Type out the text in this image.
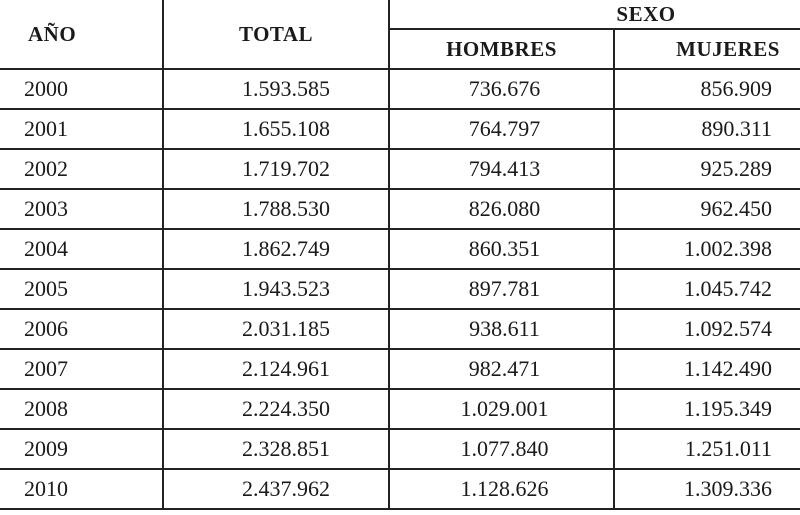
AÑO	TOTAL	SEXO	
		HOMBRES	MUJERES
2000	1.593.585	736.676	856.909
2001	1.655.108	764.797	890.311
2002	1.719.702	794.413	925.289
2003	1.788.530	826.080	962.450
2004	1.862.749	860.351	1.002.398
2005	1.943.523	897.781	1.045.742
2006	2.031.185	938.611	1.092.574
2007	2.124.961	982.471	1.142.490
2008	2.224.350	1.029.001	1.195.349
2009	2.328.851	1.077.840	1.251.011
2010	2.437.962	1.128.626	1.309.336
